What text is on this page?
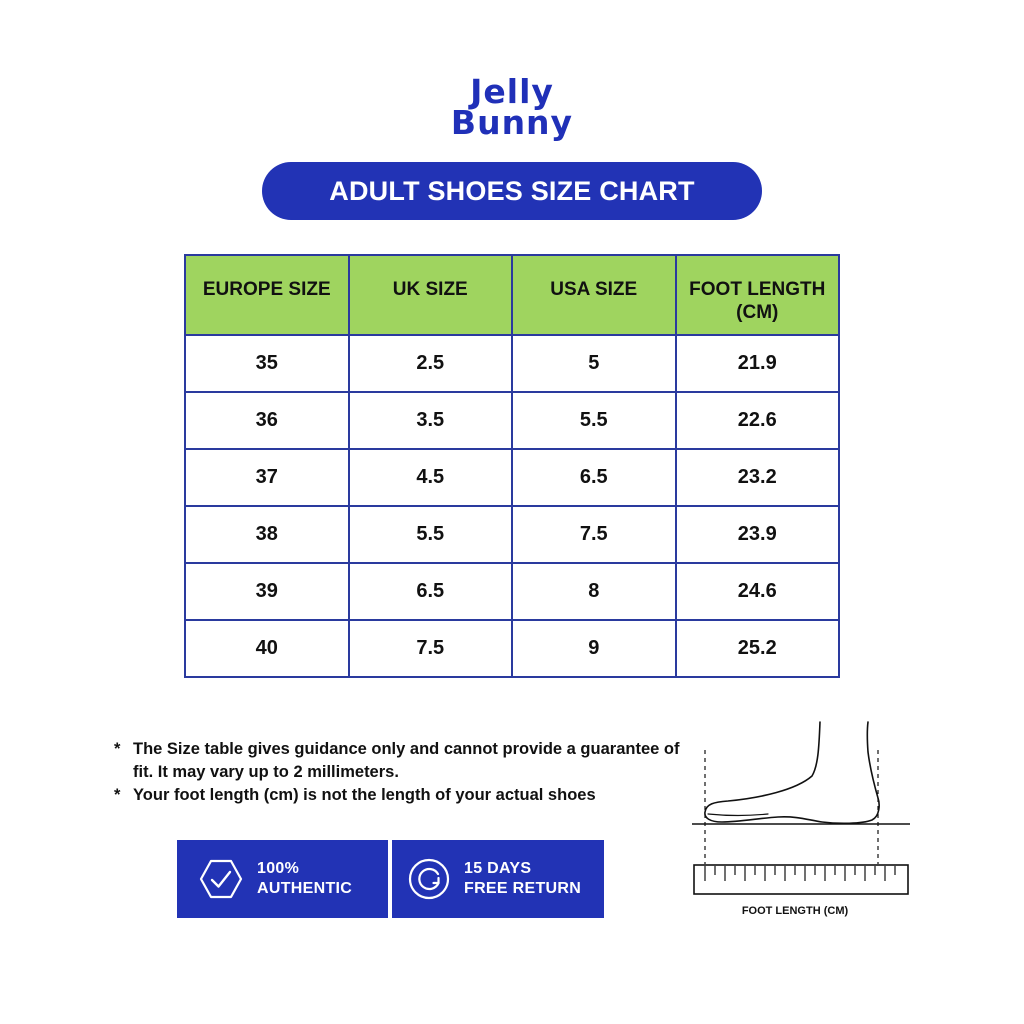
Jelly
Bunny
ADULT SHOES SIZE CHART
EUROPE SIZE	UK SIZE	USA SIZE	FOOT LENGTH (CM)
35	2.5	5	21.9
36	3.5	5.5	22.6
37	4.5	6.5	23.2
38	5.5	7.5	23.9
39	6.5	8	24.6
40	7.5	9	25.2
* The Size table gives guidance only and cannot provide a guarantee of fit. It may vary up to 2 millimeters.
* Your foot length (cm) is not the length of your actual shoes
100%
AUTHENTIC
15 DAYS
FREE RETURN
FOOT LENGTH (CM)
